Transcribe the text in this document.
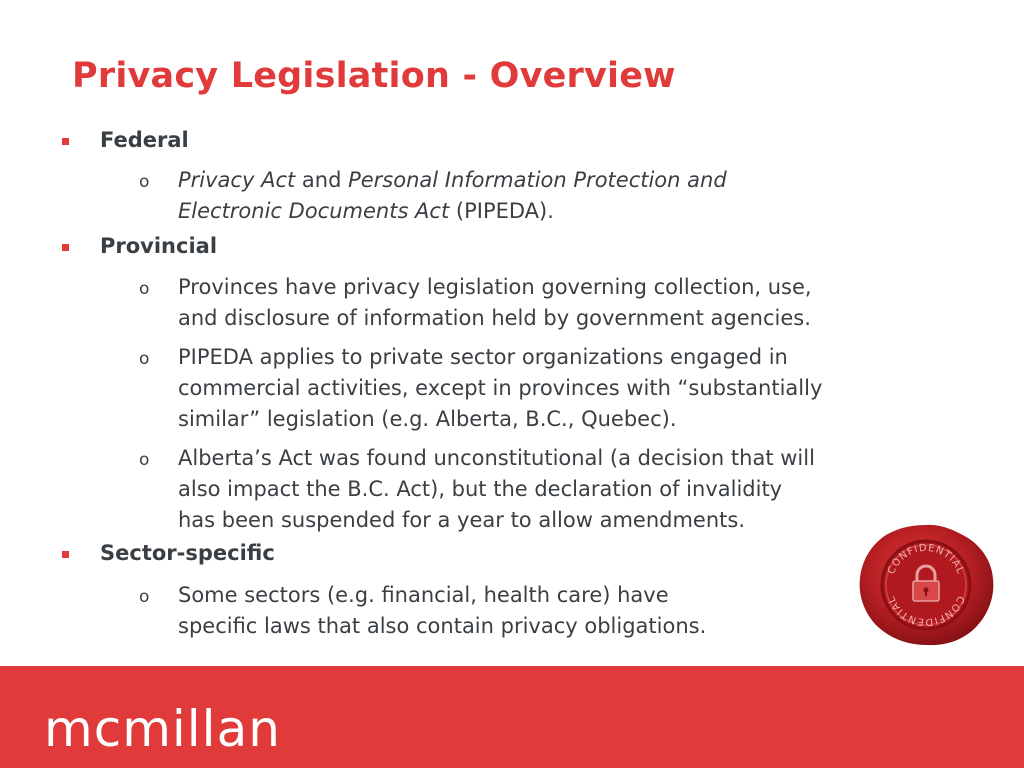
Privacy Legislation - Overview

Federal

o Privacy Act and Personal Information Protection and
Electronic Documents Act (PIPEDA).

Provincial

o Provinces have privacy legislation governing collection, use,
and disclosure of information held by government agencies.

o PIPEDA applies to private sector organizations engaged in
commercial activities, except in provinces with “substantially
similar” legislation (e.g. Alberta, B.C., Quebec).

o Alberta’s Act was found unconstitutional (a decision that will
also impact the B.C. Act), but the declaration of invalidity
has been suspended for a year to allow amendments.

Sector-specific

o Some sectors (e.g. financial, health care) have
specific laws that also contain privacy obligations.

CONFIDENTIAL
CONFIDENTIAL

mcmillan
